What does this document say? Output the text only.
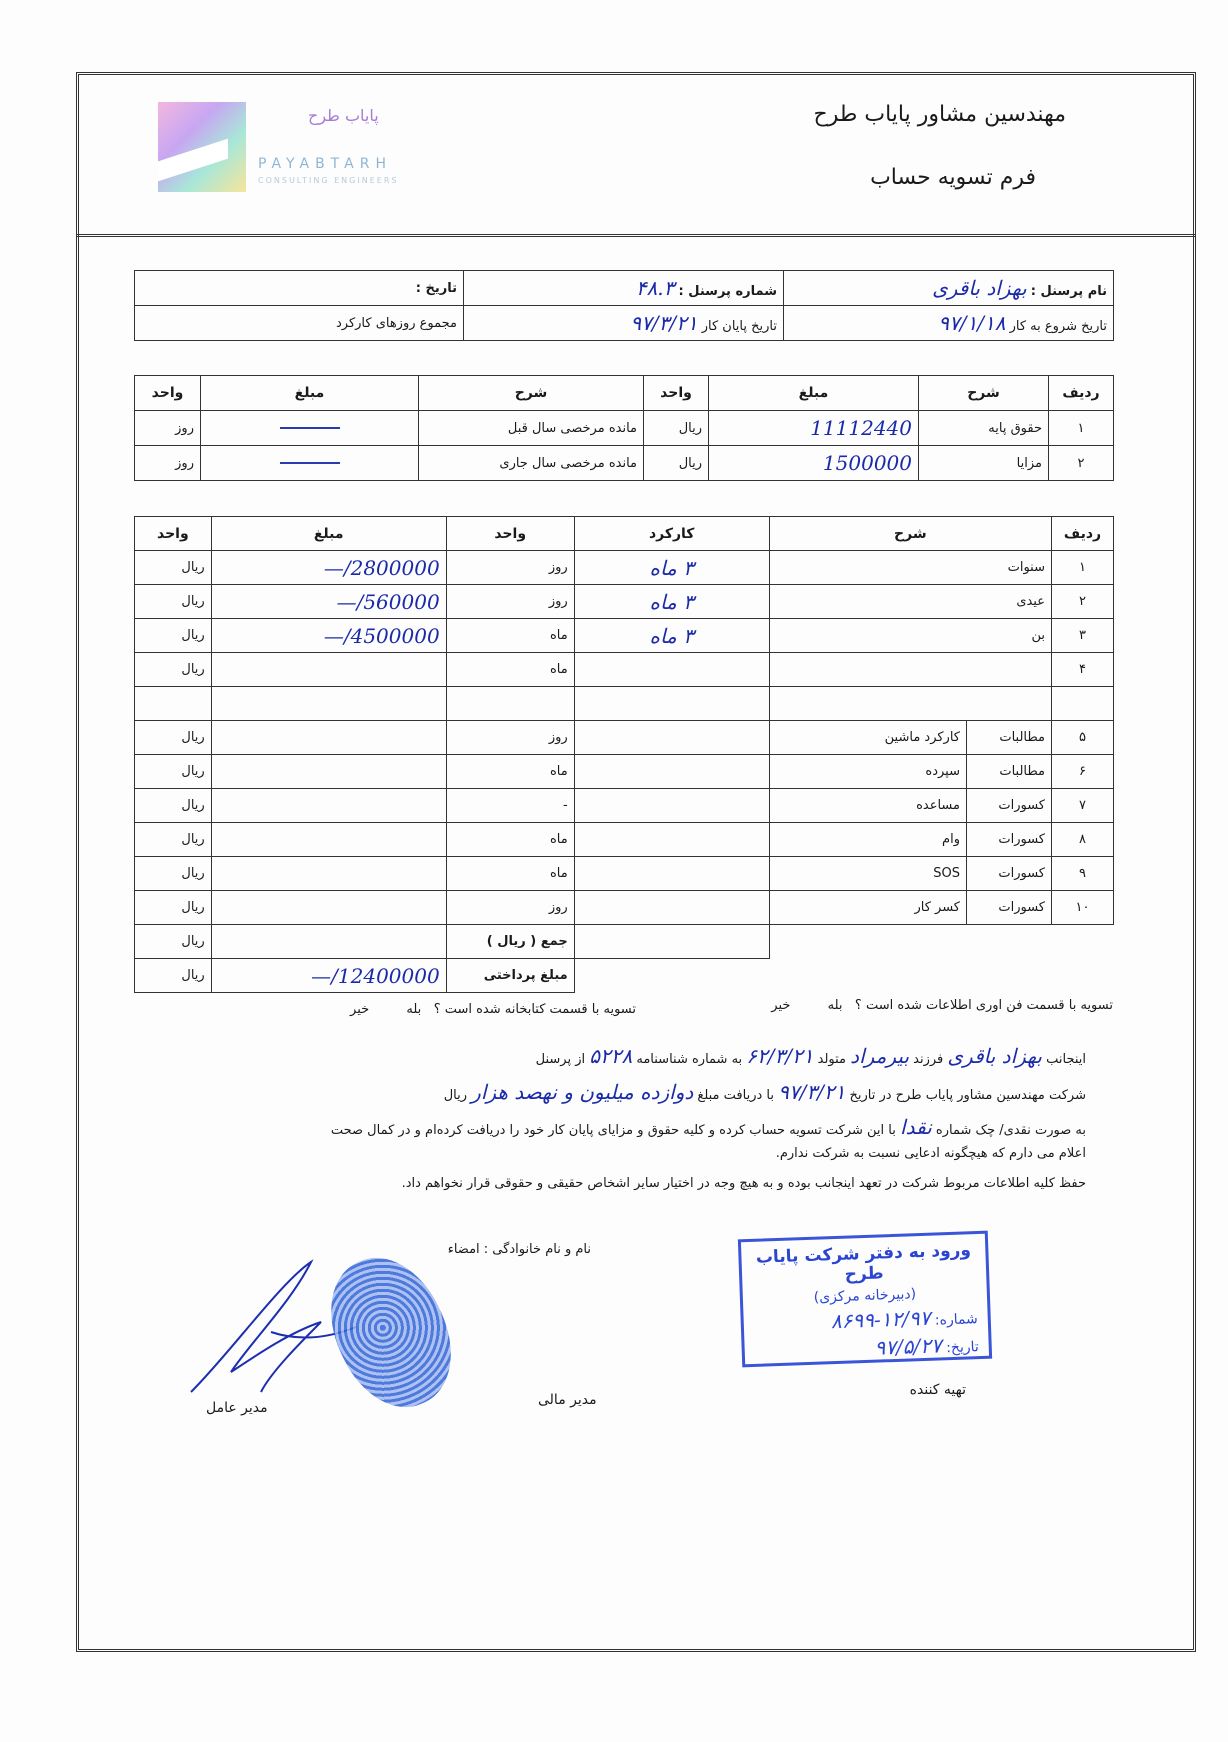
پایاب طرح
PAYABTARH
CONSULTING ENGINEERS
مهندسین مشاور پایاب طرح
فرم تسویه حساب
نام پرسنل : بهزاد باقری	شماره پرسنل : ۴۸.۳	تاریخ :
تاریخ شروع به کار ۹۷/۱/۱۸	تاریخ پایان کار ۹۷/۳/۲۱	مجموع روزهای کارکرد
ردیف	شرح	مبلغ	واحد	شرح	مبلغ	واحد
۱	حقوق پایه	11112440	ریال	مانده مرخصی سال قبل		روز
۲	مزایا	1500000	ریال	مانده مرخصی سال جاری		روز
ردیف	شرح		کارکرد	واحد	مبلغ	واحد
۱	سنوات		۳ ماه	روز	2800000/—	ریال
۲	عیدی		۳ ماه	روز	560000/—	ریال
۳	بن		۳ ماه	ماه	4500000/—	ریال
۴				ماه		ریال

۵	مطالبات	کارکرد ماشین		روز		ریال
۶	مطالبات	سپرده		ماه		ریال
۷	کسورات	مساعده		-		ریال
۸	کسورات	وام		ماه		ریال
۹	کسورات	SOS		ماه		ریال
۱۰	کسورات	کسر کار		روز		ریال
				جمع ( ریال )		ریال
				مبلغ پرداختی	12400000/—	ریال
تسویه با قسمت فن اوری اطلاعات شده است ؟   بله         خیر
تسویه با قسمت کتابخانه شده است ؟   بله         خیر
اینجانب بهزاد باقری فرزند بیرمراد متولد ۶۲/۳/۲۱ به شماره شناسنامه ۵۲۲۸ از پرسنل
شرکت مهندسین مشاور پایاب طرح در تاریخ ۹۷/۳/۲۱ با دریافت مبلغ دوازده میلیون و نهصد هزار ریال
به صورت نقدی/ چک شماره نقدا با این شرکت تسویه حساب کرده و کلیه حقوق و مزایای پایان کار خود را دریافت کرده‌ام و در کمال صحت
اعلام می دارم که هیچگونه ادعایی نسبت به شرکت ندارم.
حفظ کلیه اطلاعات مربوط شرکت در تعهد اینجانب بوده و به هیچ وجه در اختیار سایر اشخاص حقیقی و حقوقی قرار نخواهم داد.
نام و نام خانوادگی : امضاء	ورود به دفتر شرکت پایاب طرح
(دبیرخانه مرکزی)
شماره: ۱۲/۹۷-۸۶۹۹
تاریخ: ۹۷/۵/۲۷
تهیه کننده
مدیر مالی
مدیر عامل
